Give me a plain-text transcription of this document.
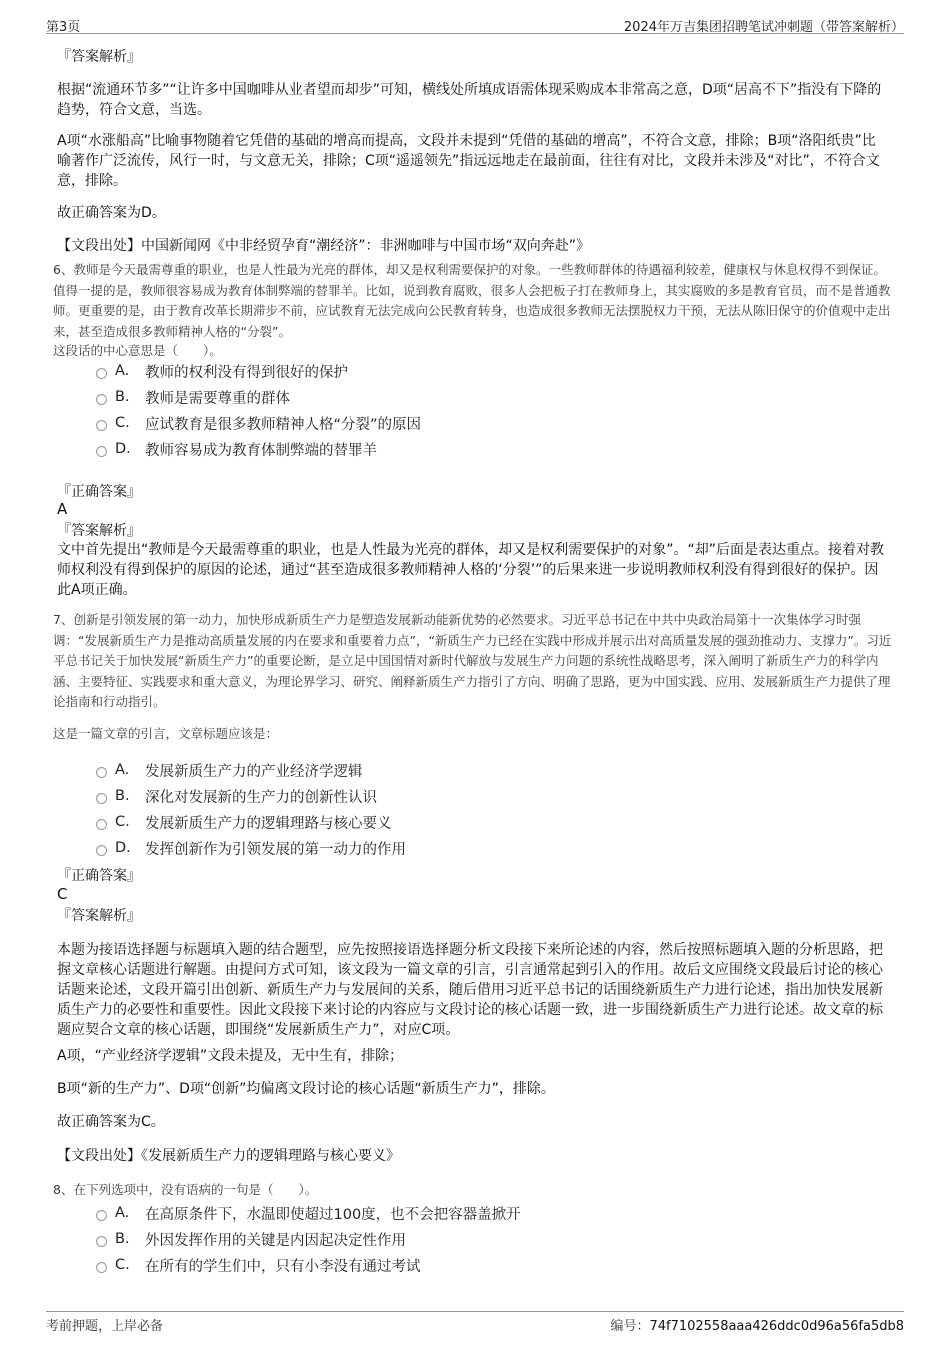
第3页	2024年万吉集团招聘笔试冲刺题（带答案解析）
『答案解析』
根据“流通环节多”“让许多中国咖啡从业者望而却步”可知，横线处所填成语需体现采购成本非常高之意，D项“居高不下”指没有下降的趋势，符合文意，当选。
A项“水涨船高”比喻事物随着它凭借的基础的增高而提高，文段并未提到“凭借的基础的增高”，不符合文意，排除；B项“洛阳纸贵”比喻著作广泛流传，风行一时，与文意无关，排除；C项“遥遥领先”指远远地走在最前面，往往有对比，文段并未涉及“对比”，不符合文意，排除。
故正确答案为D。
【文段出处】中国新闻网《中非经贸孕育“潮经济”：非洲咖啡与中国市场“双向奔赴”》
6、教师是今天最需尊重的职业，也是人性最为光亮的群体，却又是权利需要保护的对象。一些教师群体的待遇福利较差，健康权与休息权得不到保证。值得一提的是，教师很容易成为教育体制弊端的替罪羊。比如，说到教育腐败，很多人会把板子打在教师身上，其实腐败的多是教育官员，而不是普通教师。更重要的是，由于教育改革长期滞步不前，应试教育无法完成向公民教育转身，也造成很多教师无法摆脱权力干预，无法从陈旧保守的价值观中走出来，甚至造成很多教师精神人格的“分裂”。
这段话的中心意思是（　　）。
A.	教师的权利没有得到很好的保护
B.	教师是需要尊重的群体
C.	应试教育是很多教师精神人格“分裂”的原因
D. 教师容易成为教育体制弊端的替罪羊
『正确答案』
A
『答案解析』
文中首先提出“教师是今天最需尊重的职业，也是人性最为光亮的群体，却又是权利需要保护的对象”。“却”后面是表达重点。接着对教师权利没有得到保护的原因的论述，通过“甚至造成很多教师精神人格的‘分裂’”的后果来进一步说明教师权利没有得到很好的保护。因此A项正确。
7、创新是引领发展的第一动力，加快形成新质生产力是塑造发展新动能新优势的必然要求。习近平总书记在中共中央政治局第十一次集体学习时强调：“发展新质生产力是推动高质量发展的内在要求和重要着力点”，“新质生产力已经在实践中形成并展示出对高质量发展的强劲推动力、支撑力”。习近平总书记关于加快发展“新质生产力”的重要论断，是立足中国国情对新时代解放与发展生产力问题的系统性战略思考，深入阐明了新质生产力的科学内涵、主要特征、实践要求和重大意义，为理论界学习、研究、阐释新质生产力指引了方向、明确了思路，更为中国实践、应用、发展新质生产力提供了理论指南和行动指引。
这是一篇文章的引言，文章标题应该是：
A.	发展新质生产力的产业经济学逻辑
B.	深化对发展新的生产力的创新性认识
C.	发展新质生产力的逻辑理路与核心要义
D. 发挥创新作为引领发展的第一动力的作用
『正确答案』
C
『答案解析』
本题为接语选择题与标题填入题的结合题型，应先按照接语选择题分析文段接下来所论述的内容，然后按照标题填入题的分析思路，把握文章核心话题进行解题。由提问方式可知，该文段为一篇文章的引言，引言通常起到引入的作用。故后文应围绕文段最后讨论的核心话题来论述，文段开篇引出创新、新质生产力与发展间的关系，随后借用习近平总书记的话围绕新质生产力进行论述，指出加快发展新质生产力的必要性和重要性。因此文段接下来讨论的内容应与文段讨论的核心话题一致，进一步围绕新质生产力进行论述。故文章的标题应契合文章的核心话题，即围绕“发展新质生产力”，对应C项。
A项，“产业经济学逻辑”文段未提及，无中生有，排除；
B项“新的生产力”、D项“创新”均偏离文段讨论的核心话题“新质生产力”，排除。
故正确答案为C。
【文段出处】《发展新质生产力的逻辑理路与核心要义》
8、在下列选项中，没有语病的一句是（　　）。
A.	在高原条件下，水温即使超过100度，也不会把容器盖掀开
B.	外因发挥作用的关键是内因起决定性作用
C.	在所有的学生们中，只有小李没有通过考试
考前押题，上岸必备	编号：74f7102558aaa426ddc0d96a56fa5db8
